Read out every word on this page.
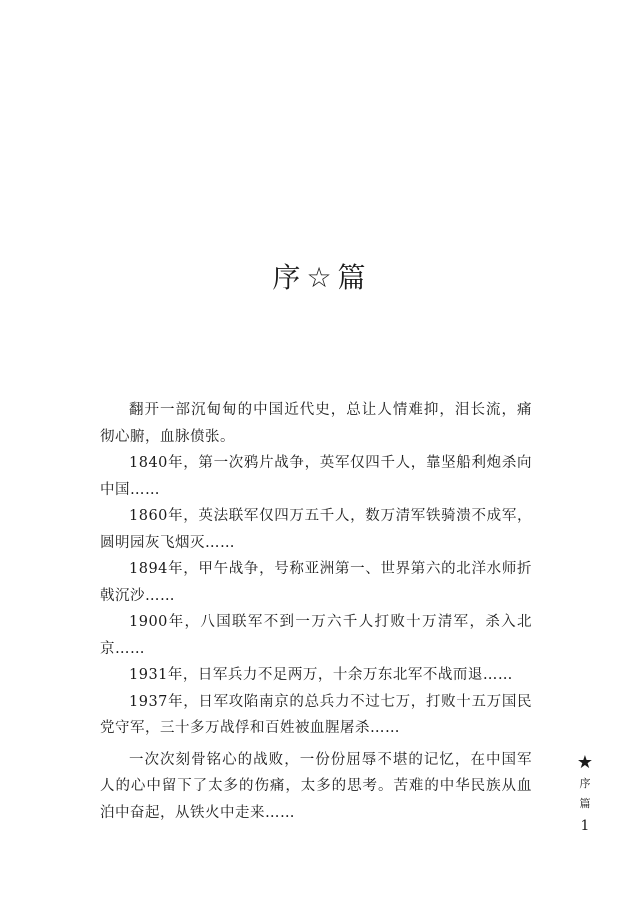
序☆篇

翻开一部沉甸甸的中国近代史，总让人情难抑，泪长流，痛彻心腑，血脉偾张。

1840年，第一次鸦片战争，英军仅四千人，靠坚船利炮杀向中国……

1860年，英法联军仅四万五千人，数万清军铁骑溃不成军，圆明园灰飞烟灭……

1894年，甲午战争，号称亚洲第一、世界第六的北洋水师折戟沉沙……

1900年，八国联军不到一万六千人打败十万清军，杀入北京……

1931年，日军兵力不足两万，十余万东北军不战而退……

1937年，日军攻陷南京的总兵力不过七万，打败十五万国民党守军，三十多万战俘和百姓被血腥屠杀……

一次次刻骨铭心的战败，一份份屈辱不堪的记忆，在中国军人的心中留下了太多的伤痛，太多的思考。苦难的中华民族从血泊中奋起，从铁火中走来……

★
序
篇
1
